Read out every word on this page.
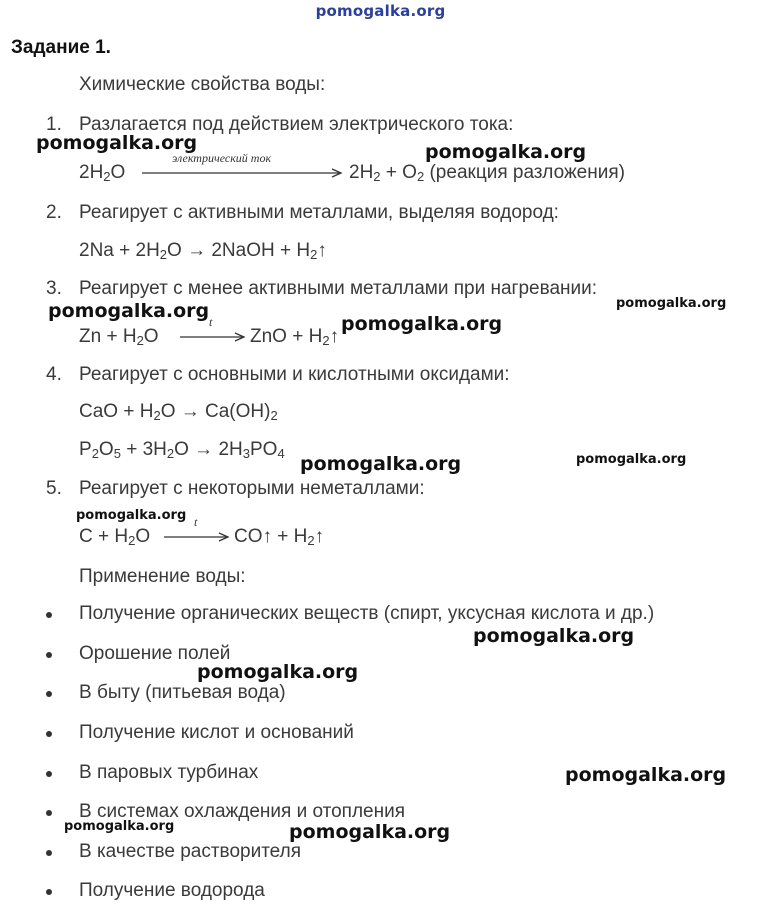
pomogalka.org
Задание 1.
Химические свойства воды:
1. Разлагается под действием электрического тока:
$2H_2O$
электрический ток
$2H_2 + O_2$ (реакция разложения)
2. Реагирует с активными металлами, выделяя водород:
$2Na + 2H_2O$ → 2NaOH + $H_2↑$
3. Реагирует с менее активными металлами при нагревании:
$Zn + H_2O$
t
ZnO + $H_2↑$
4. Реагирует с основными и кислотными оксидами:
CaO + $H_2O \to Ca(OH)_2$
$P_2O_5 + 3H_2O \to 2H_3PO_4$
5. Реагирует с некоторыми неметаллами:
$C + H_2O$
t
CO↑ + $H_2↑$
Применение воды:
Получение органических веществ (спирт, уксусная кислота и др.)
Орошение полей
В быту (питьевая вода)
Получение кислот и оснований
В паровых турбинах
В системах охлаждения и отопления
В качестве растворителя
Получение водорода
pomogalka.org	pomogalka.org
pomogalka.org	pomogalka.org
pomogalka.org
pomogalka.org	pomogalka.org
pomogalka.org
pomogalka.org
pomogalka.org
pomogalka.org
pomogalka.org	pomogalka.org
